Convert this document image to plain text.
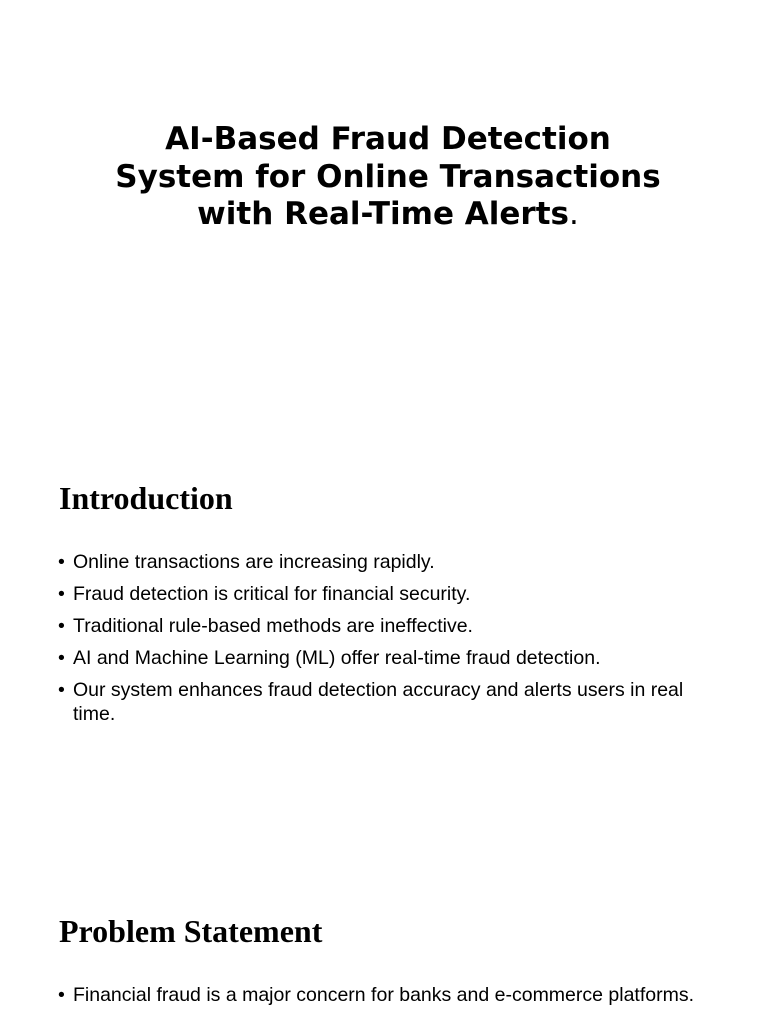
AI-Based Fraud Detection System for Online Transactions with Real-Time Alerts.
Introduction
• Online transactions are increasing rapidly.
• Fraud detection is critical for financial security.
• Traditional rule-based methods are ineffective.
• AI and Machine Learning (ML) offer real-time fraud detection.
• Our system enhances fraud detection accuracy and alerts users in real time.
Problem Statement
• Financial fraud is a major concern for banks and e-commerce platforms.
